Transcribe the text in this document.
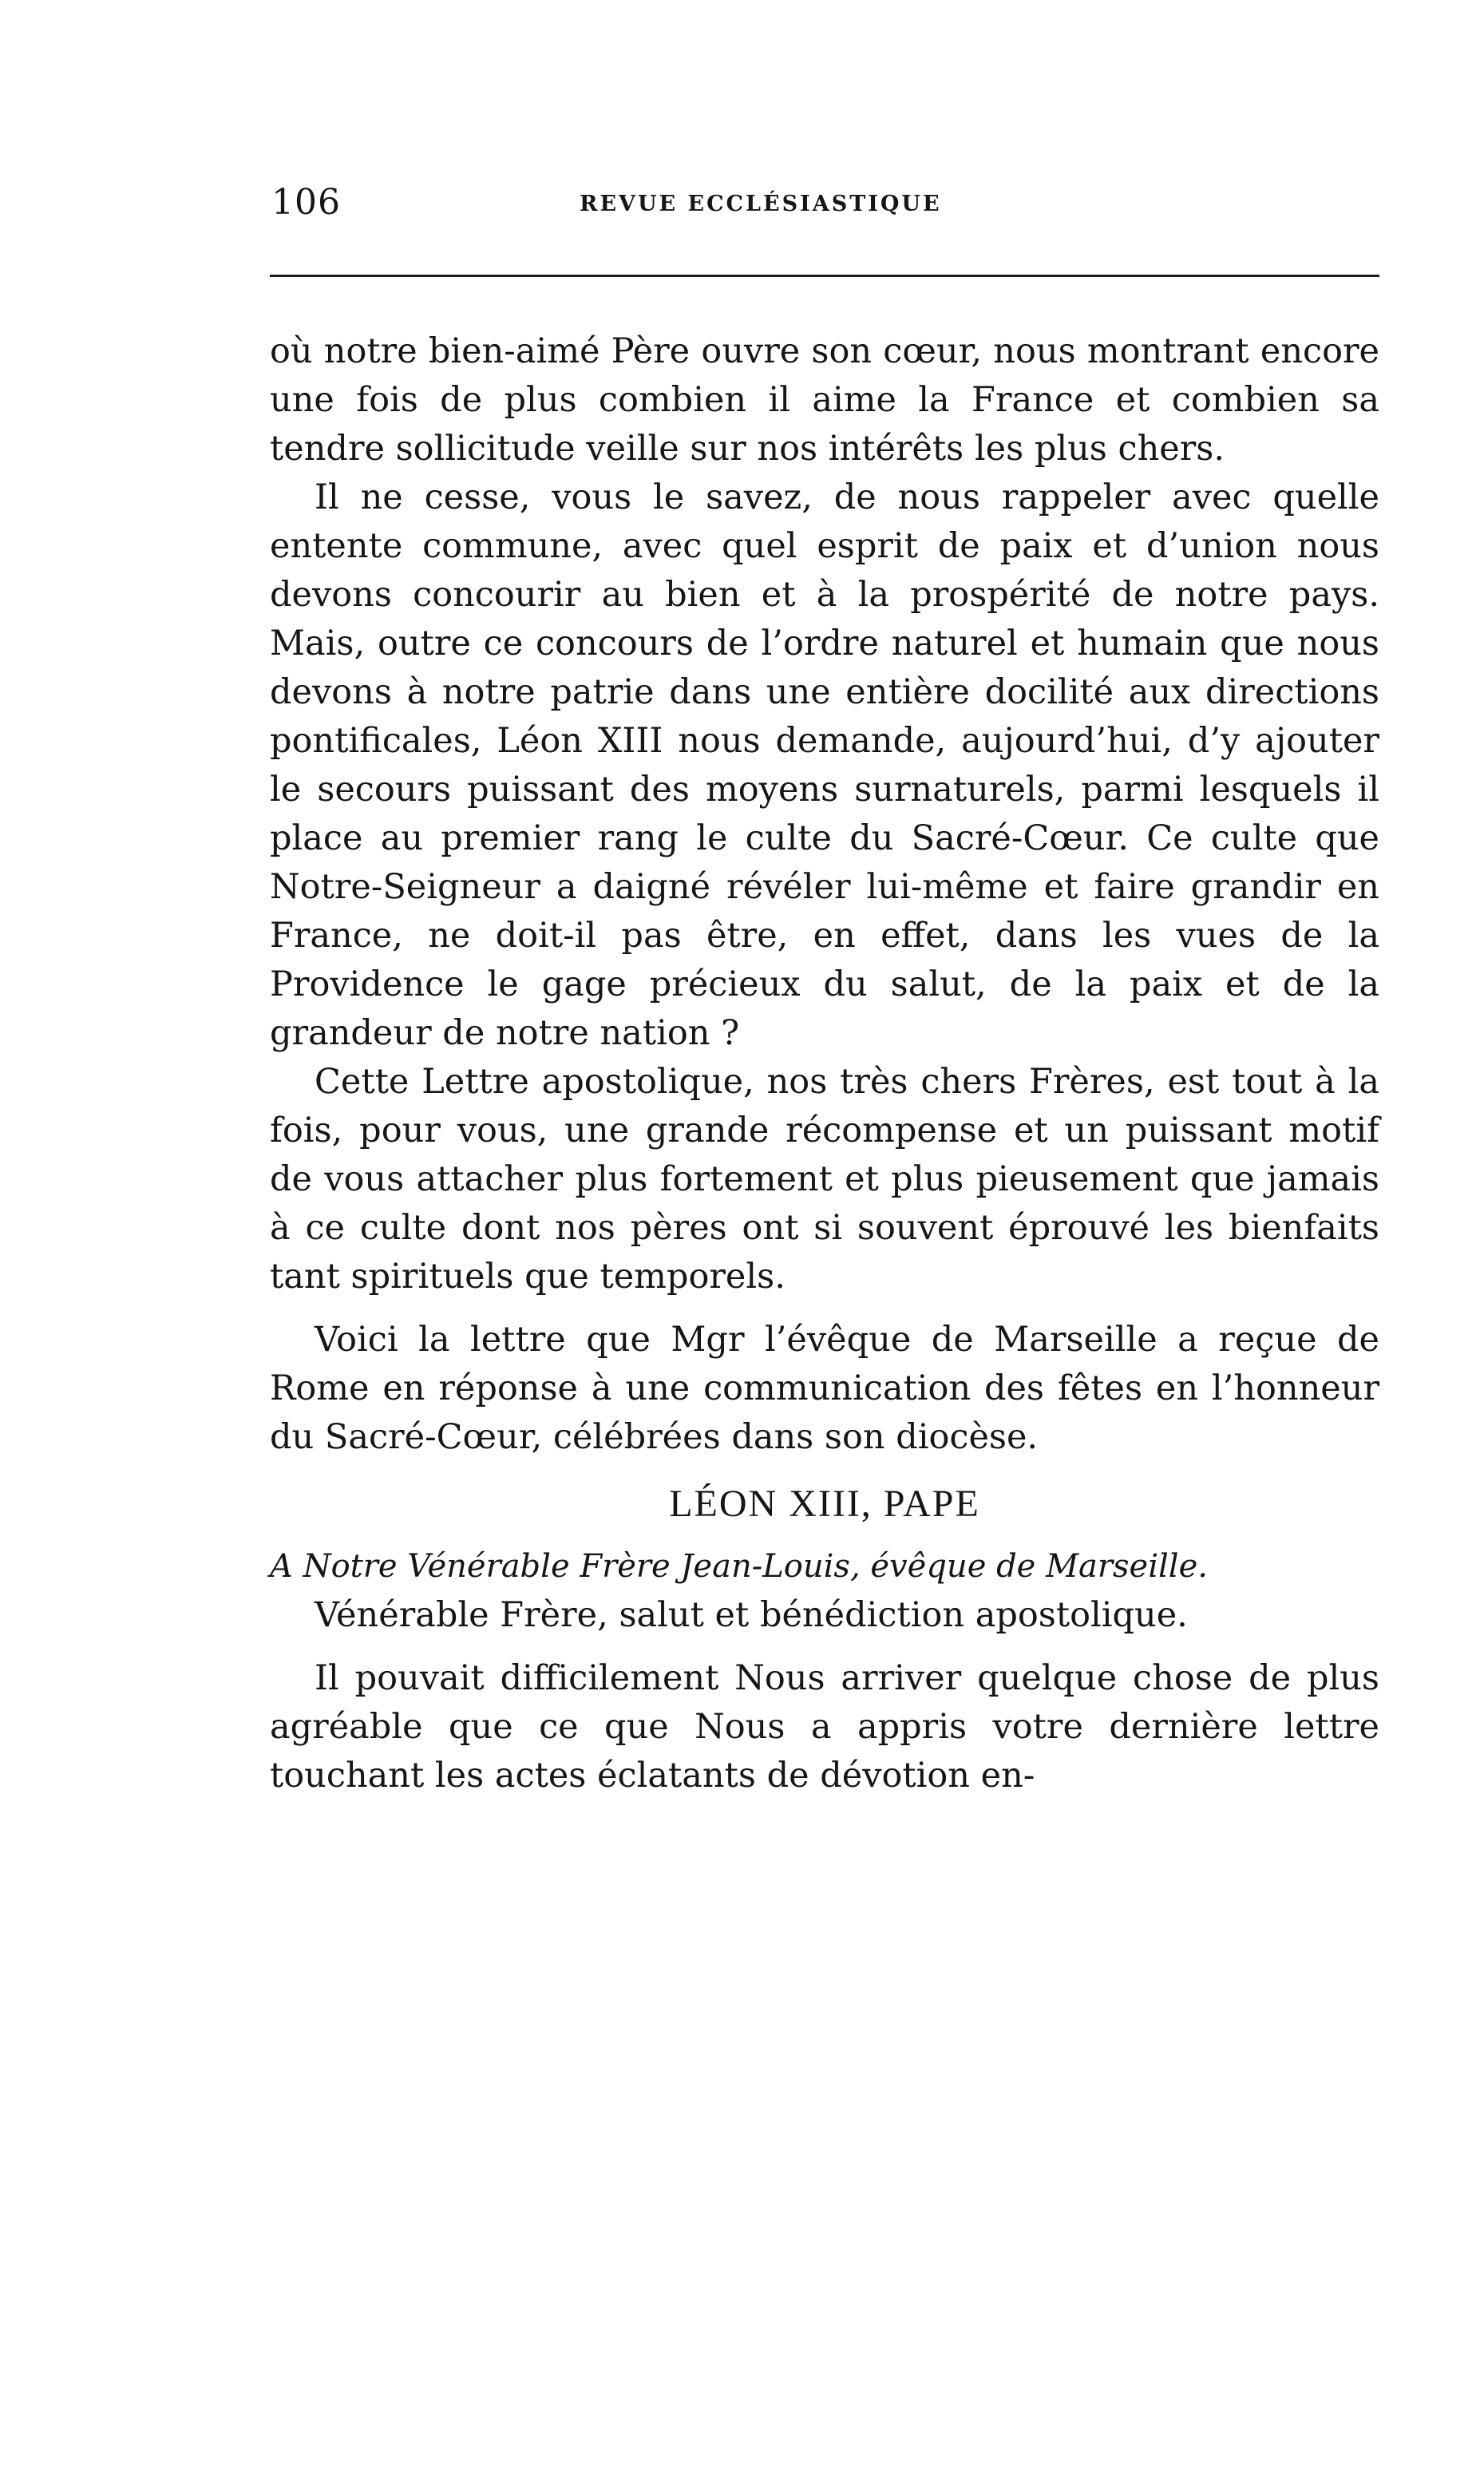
106	REVUE ECCLÉSIASTIQUE

où notre bien-aimé Père ouvre son cœur, nous montrant encore une fois de plus combien il aime la France et combien sa tendre sollicitude veille sur nos intérêts les plus chers.

Il ne cesse, vous le savez, de nous rappeler avec quelle entente commune, avec quel esprit de paix et d’union nous devons concourir au bien et à la prospérité de notre pays. Mais, outre ce concours de l’ordre naturel et humain que nous devons à notre patrie dans une entière docilité aux directions pontificales, Léon XIII nous demande, aujourd’hui, d’y ajouter le secours puissant des moyens surnaturels, parmi lesquels il place au premier rang le culte du Sacré-Cœur. Ce culte que Notre-Seigneur a daigné révéler lui-même et faire grandir en France, ne doit-il pas être, en effet, dans les vues de la Providence le gage précieux du salut, de la paix et de la grandeur de notre nation ?

Cette Lettre apostolique, nos très chers Frères, est tout à la fois, pour vous, une grande récompense et un puissant motif de vous attacher plus fortement et plus pieusement que jamais à ce culte dont nos pères ont si souvent éprouvé les bienfaits tant spirituels que temporels.

Voici la lettre que Mgr l’évêque de Marseille a reçue de Rome en réponse à une communication des fêtes en l’honneur du Sacré-Cœur, célébrées dans son diocèse.

LÉON XIII, PAPE

A Notre Vénérable Frère Jean-Louis, évêque de Marseille.

Vénérable Frère, salut et bénédiction apostolique.

Il pouvait difficilement Nous arriver quelque chose de plus agréable que ce que Nous a appris votre dernière lettre touchant les actes éclatants de dévotion en-
